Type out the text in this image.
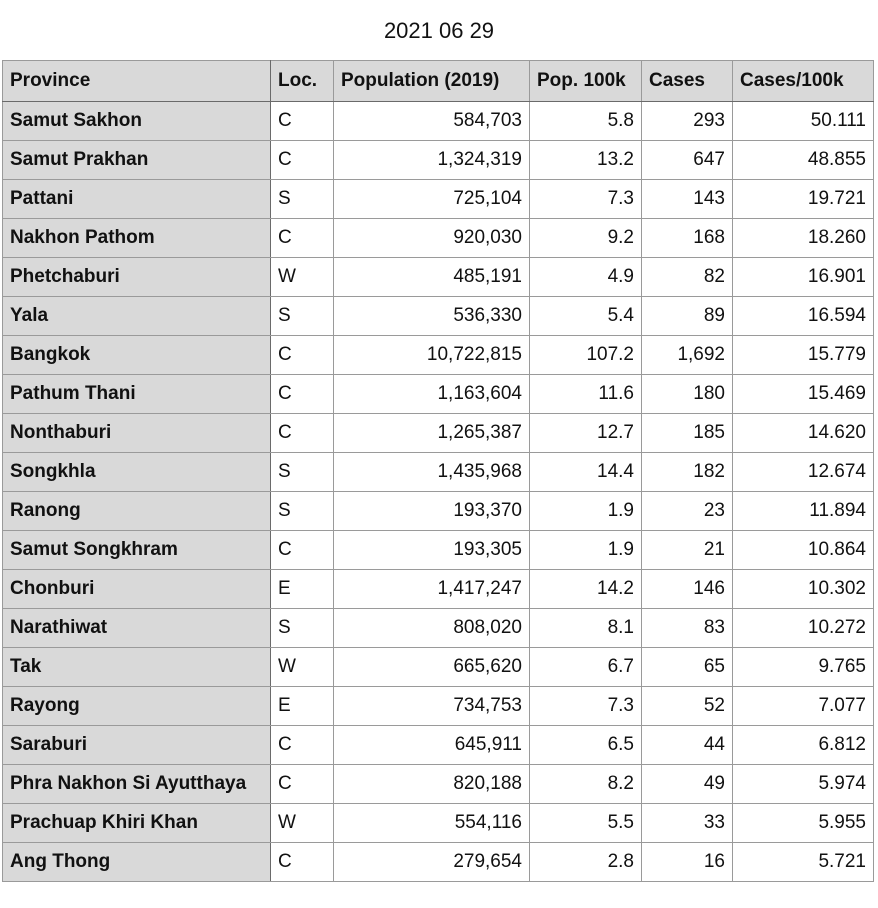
2021 06 29
Province	Loc.	Population (2019)	Pop. 100k	Cases	Cases/100k
Samut Sakhon	C	584,703	5.8	293	50.111
Samut Prakhan	C	1,324,319	13.2	647	48.855
Pattani	S	725,104	7.3	143	19.721
Nakhon Pathom	C	920,030	9.2	168	18.260
Phetchaburi	W	485,191	4.9	82	16.901
Yala	S	536,330	5.4	89	16.594
Bangkok	C	10,722,815	107.2	1,692	15.779
Pathum Thani	C	1,163,604	11.6	180	15.469
Nonthaburi	C	1,265,387	12.7	185	14.620
Songkhla	S	1,435,968	14.4	182	12.674
Ranong	S	193,370	1.9	23	11.894
Samut Songkhram	C	193,305	1.9	21	10.864
Chonburi	E	1,417,247	14.2	146	10.302
Narathiwat	S	808,020	8.1	83	10.272
Tak	W	665,620	6.7	65	9.765
Rayong	E	734,753	7.3	52	7.077
Saraburi	C	645,911	6.5	44	6.812
Phra Nakhon Si Ayutthaya	C	820,188	8.2	49	5.974
Prachuap Khiri Khan	W	554,116	5.5	33	5.955
Ang Thong	C	279,654	2.8	16	5.721
